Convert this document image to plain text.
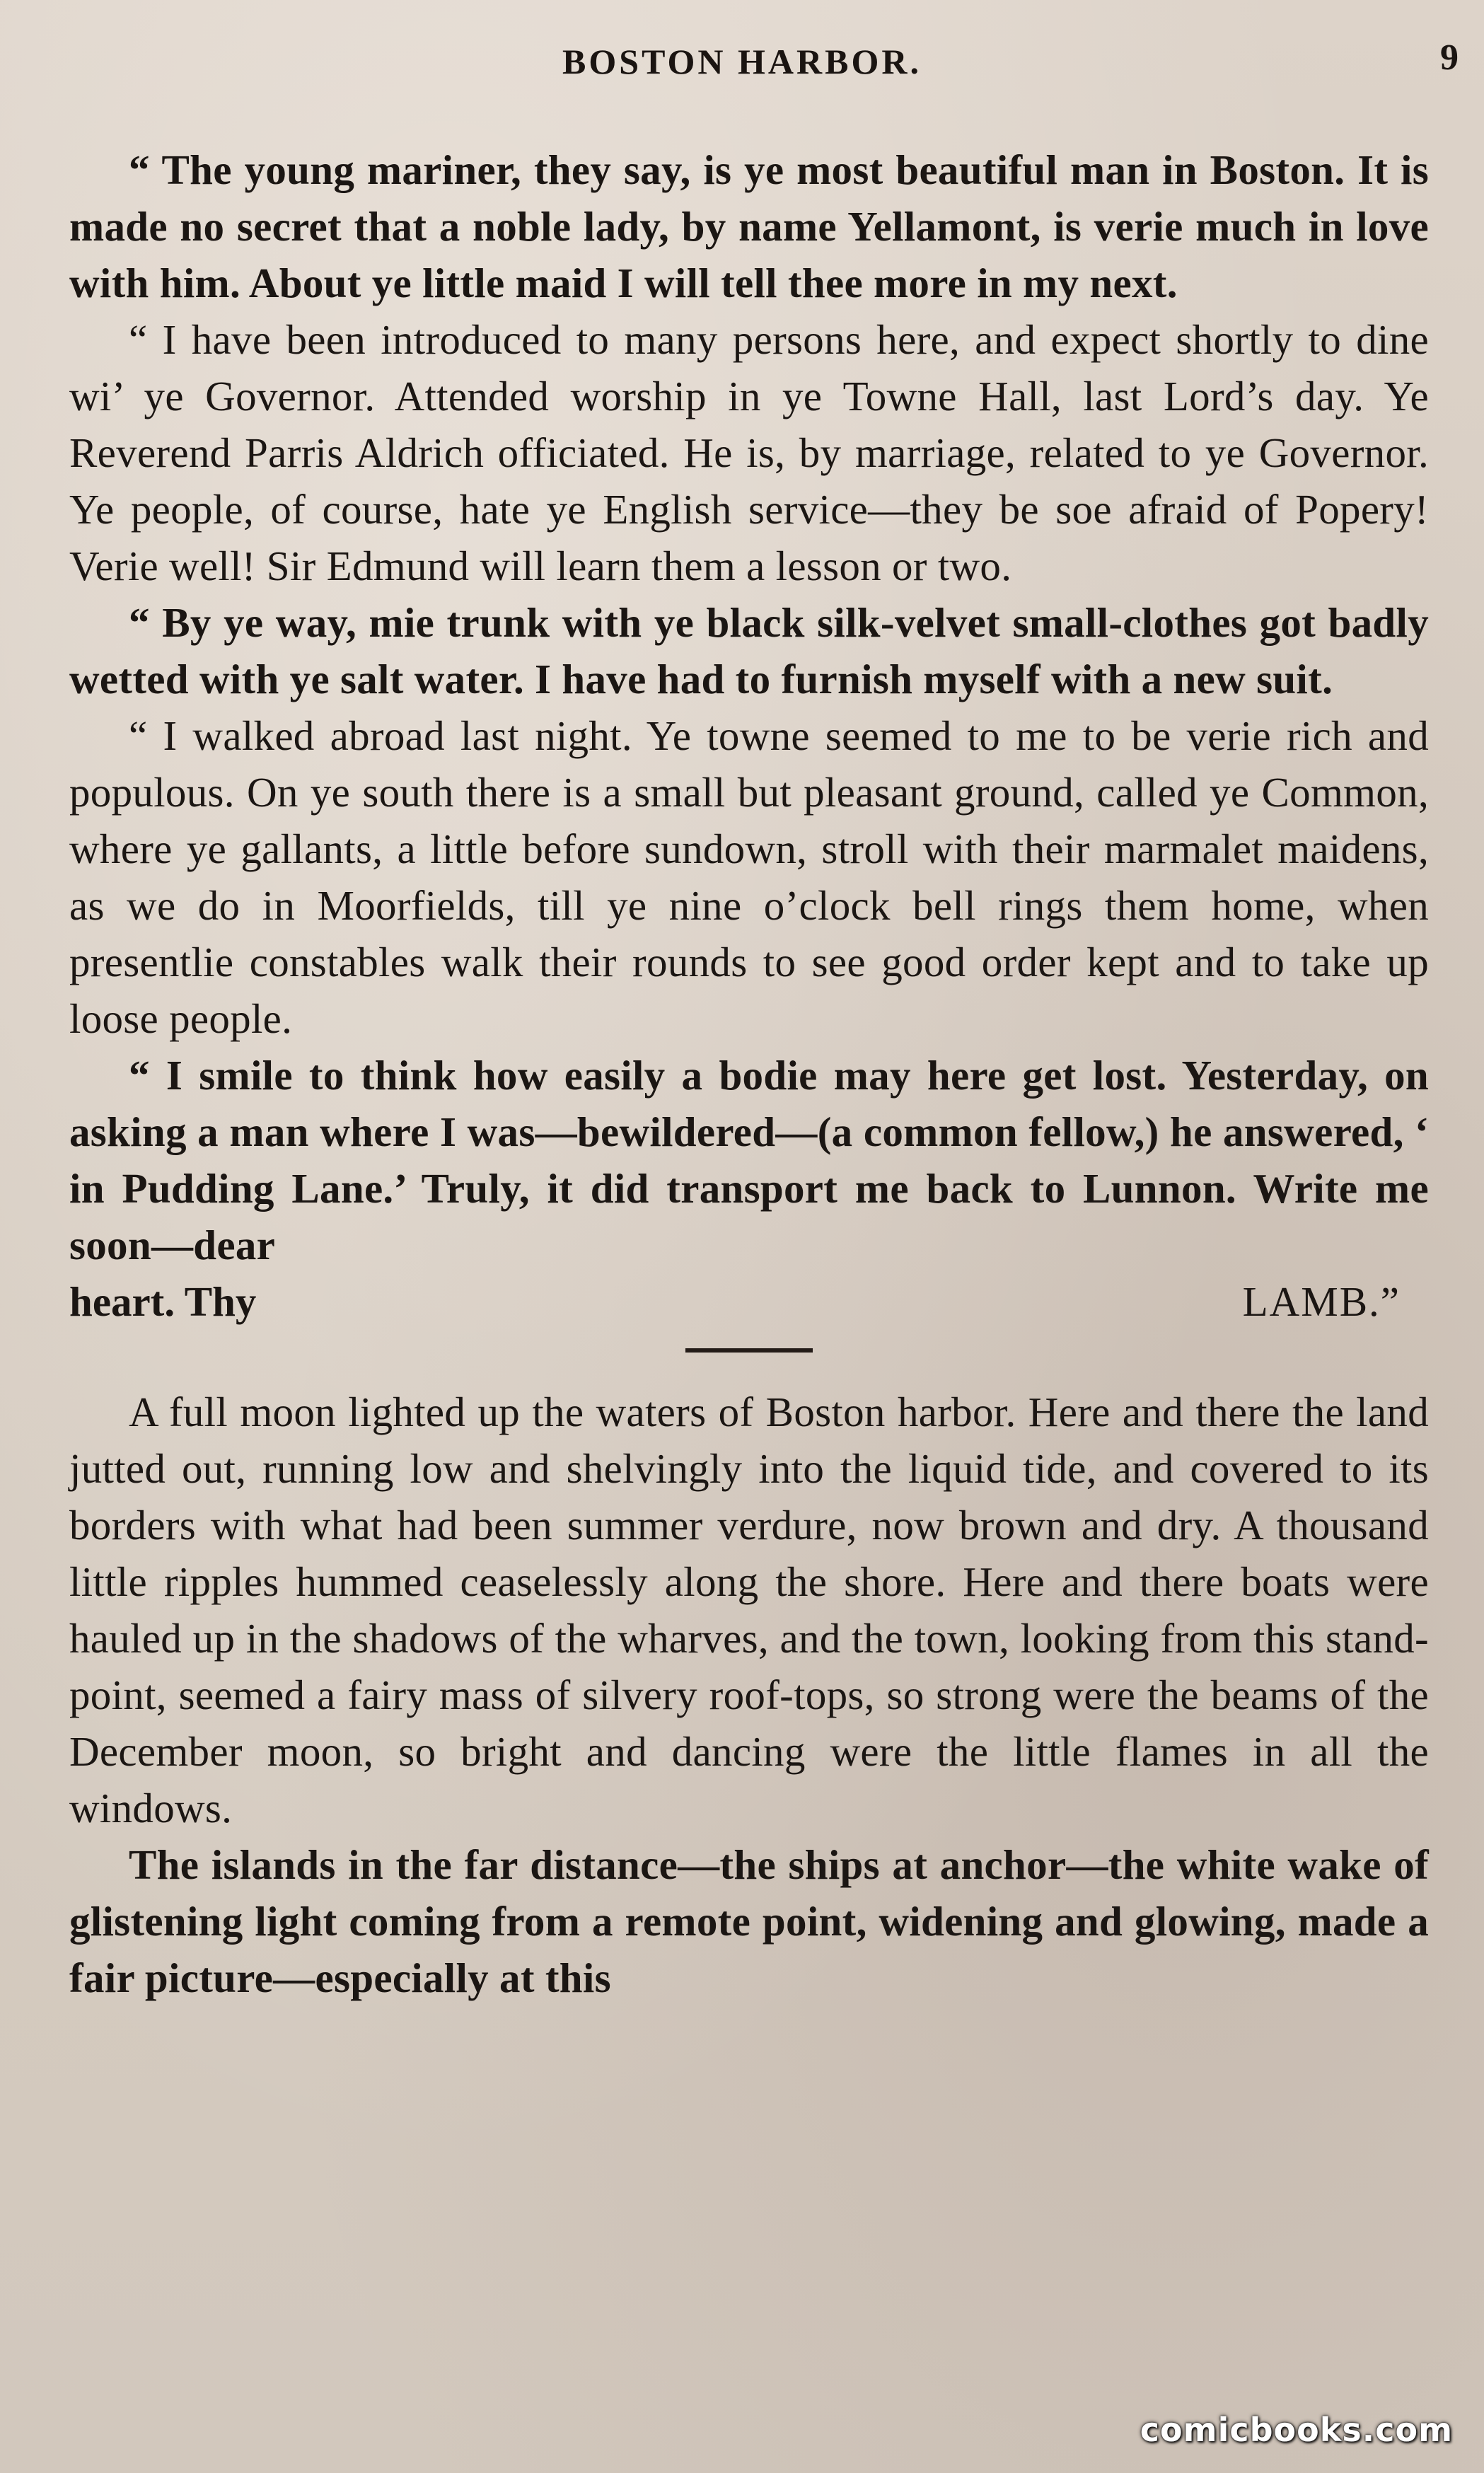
BOSTON HARBOR.	9

“ The young mariner, they say, is ye most beautiful man in Boston. It is made no secret that a noble lady, by name Yellamont, is verie much in love with him. About ye little maid I will tell thee more in my next.

“ I have been introduced to many persons here, and expect shortly to dine wi’ ye Governor. Attended worship in ye Towne Hall, last Lord’s day. Ye Reverend Parris Aldrich officiated. He is, by marriage, related to ye Governor. Ye people, of course, hate ye English service—they be soe afraid of Popery! Verie well! Sir Edmund will learn them a lesson or two.

“ By ye way, mie trunk with ye black silk-velvet small-clothes got badly wetted with ye salt water. I have had to furnish myself with a new suit.

“ I walked abroad last night. Ye towne seemed to me to be verie rich and populous. On ye south there is a small but pleasant ground, called ye Common, where ye gallants, a little before sundown, stroll with their marmalet maidens, as we do in Moorfields, till ye nine o’clock bell rings them home, when presentlie constables walk their rounds to see good order kept and to take up loose people.

“ I smile to think how easily a bodie may here get lost. Yesterday, on asking a man where I was—bewildered—(a common fellow,) he answered, ‘ in Pudding Lane.’ Truly, it did transport me back to Lunnon. Write me soon—dear

heart. Thy	LAMB.”

A full moon lighted up the waters of Boston harbor. Here and there the land jutted out, running low and shelvingly into the liquid tide, and covered to its borders with what had been summer verdure, now brown and dry. A thousand little ripples hummed ceaselessly along the shore. Here and there boats were hauled up in the shadows of the wharves, and the town, looking from this stand-point, seemed a fairy mass of silvery roof-tops, so strong were the beams of the December moon, so bright and dancing were the little flames in all the windows.

The islands in the far distance—the ships at anchor—the white wake of glistening light coming from a remote point, widening and glowing, made a fair picture—especially at this

comicbooks.com
